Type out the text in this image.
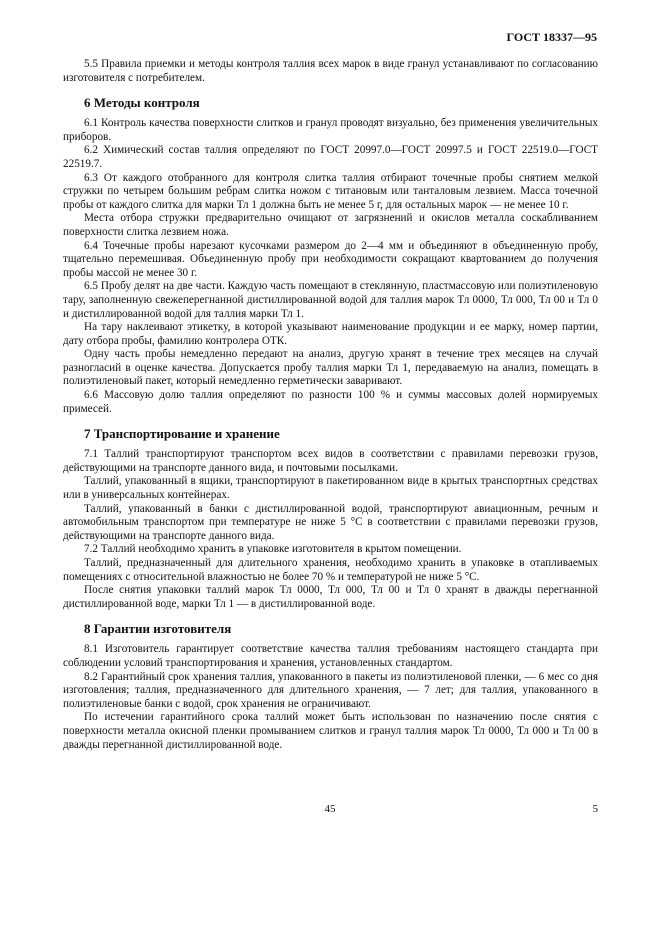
ГОСТ 18337—95

5.5 Правила приемки и методы контроля таллия всех марок в виде гранул устанавливают по согласованию изготовителя с потребителем.

6 Методы контроля

6.1 Контроль качества поверхности слитков и гранул проводят визуально, без применения увеличительных приборов.

6.2 Химический состав таллия определяют по ГОСТ 20997.0—ГОСТ 20997.5 и ГОСТ 22519.0—ГОСТ 22519.7.

6.3 От каждого отобранного для контроля слитка таллия отбирают точечные пробы снятием мелкой стружки по четырем большим ребрам слитка ножом с титановым или танталовым лезвием. Масса точечной пробы от каждого слитка для марки Тл 1 должна быть не менее 5 г, для остальных марок — не менее 10 г.

Места отбора стружки предварительно очищают от загрязнений и окислов металла соскабливанием поверхности слитка лезвием ножа.

6.4 Точечные пробы нарезают кусочками размером до 2—4 мм и объединяют в объединенную пробу, тщательно перемешивая. Объединенную пробу при необходимости сокращают квартованием до получения пробы массой не менее 30 г.

6.5 Пробу делят на две части. Каждую часть помещают в стеклянную, пластмассовую или полиэтиленовую тару, заполненную свежеперегнанной дистиллированной водой для таллия марок Тл 0000, Тл 000, Тл 00 и Тл 0 и дистиллированной водой для таллия марки Тл 1.

На тару наклеивают этикетку, в которой указывают наименование продукции и ее марку, номер партии, дату отбора пробы, фамилию контролера ОТК.

Одну часть пробы немедленно передают на анализ, другую хранят в течение трех месяцев на случай разногласий в оценке качества. Допускается пробу таллия марки Тл 1, передаваемую на анализ, помещать в полиэтиленовый пакет, который немедленно герметически заваривают.

6.6 Массовую долю таллия определяют по разности 100 % и суммы массовых долей нормируемых примесей.

7 Транспортирование и хранение

7.1 Таллий транспортируют транспортом всех видов в соответствии с правилами перевозки грузов, действующими на транспорте данного вида, и почтовыми посылками.

Таллий, упакованный в ящики, транспортируют в пакетированном виде в крытых транспортных средствах или в универсальных контейнерах.

Таллий, упакованный в банки с дистиллированной водой, транспортируют авиационным, речным и автомобильным транспортом при температуре не ниже 5 °С в соответствии с правилами перевозки грузов, действующими на транспорте данного вида.

7.2 Таллий необходимо хранить в упаковке изготовителя в крытом помещении.

Таллий, предназначенный для длительного хранения, необходимо хранить в упаковке в отапливаемых помещениях с относительной влажностью не более 70 % и температурой не ниже 5 °С.

После снятия упаковки таллий марок Тл 0000, Тл 000, Тл 00 и Тл 0 хранят в дважды перегнанной дистиллированной воде, марки Тл 1 — в дистиллированной воде.

8 Гарантии изготовителя

8.1 Изготовитель гарантирует соответствие качества таллия требованиям настоящего стандарта при соблюдении условий транспортирования и хранения, установленных стандартом.

8.2 Гарантийный срок хранения таллия, упакованного в пакеты из полиэтиленовой пленки, — 6 мес со дня изготовления; таллия, предназначенного для длительного хранения, — 7 лет; для таллия, упакованного в полиэтиленовые банки с водой, срок хранения не ограничивают.

По истечении гарантийного срока таллий может быть использован по назначению после снятия с поверхности металла окисной пленки промыванием слитков и гранул таллия марок Тл 0000, Тл 000 и Тл 00 в дважды перегнанной дистиллированной воде.

45	5
